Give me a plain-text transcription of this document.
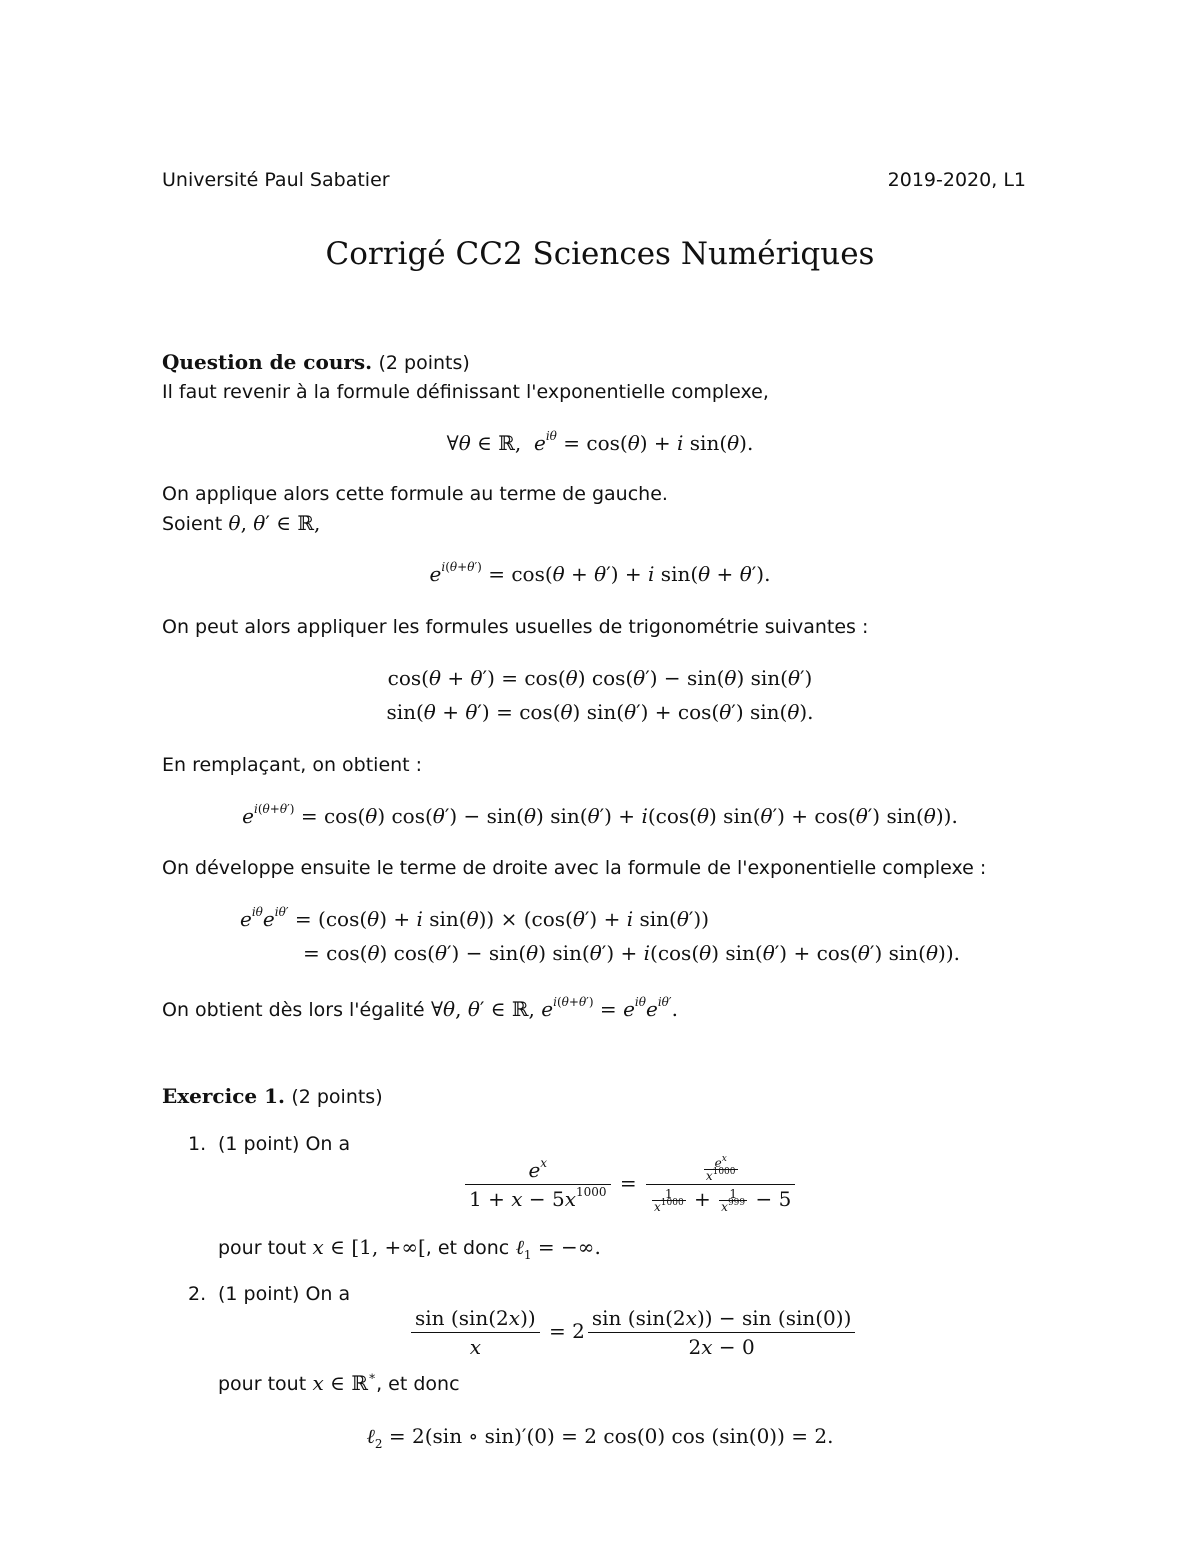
Université Paul Sabatier	2019-2020, L1
Corrigé CC2 Sciences Numériques
Question de cours. (2 points)
Il faut revenir à la formule définissant l'exponentielle complexe,
∀θ ∈ ℝ,  $e^{i\theta} = \cos(\theta) + i$ sin(θ).
On applique alors cette formule au terme de gauche.
Soient θ, θ′ ∈ ℝ,
$e^{i(\theta+\theta')} = \cos(\theta + \theta') + i$ sin(θ + θ′).
On peut alors appliquer les formules usuelles de trigonométrie suivantes :
cos(θ + θ′) = cos(θ) cos(θ′) − sin(θ) sin(θ′)
sin(θ + θ′) = cos(θ) sin(θ′) + cos(θ′) sin(θ).
En remplaçant, on obtient :
$e^{i(\theta+\theta')} = \cos(\theta) \cos(\theta') - \sin(\theta) \sin(\theta') + i(\cos(\theta) \sin(\theta') + \cos(\theta')$ sin(θ)).
On développe ensuite le terme de droite avec la formule de l'exponentielle complexe :
$e^{i\theta}e^{i\theta'} = (\cos(\theta) + i$ sin(θ)) × (cos(θ′) + i sin(θ′))
= cos(θ) cos(θ′) − sin(θ) sin(θ′) + i(cos(θ) sin(θ′) + cos(θ′) sin(θ)).
On obtient dès lors l'égalité ∀θ, θ′ ∈ ℝ, $e^{i(\theta+\theta')} = e^{i\theta}e^{i\theta'}$.
Exercice 1. (2 points)
1. (1 point) On a
$\frac{e^x}{1 + x - 5x^{1000}} = \frac{\frac{e^x}{x^{1000}}}{\frac{1}{x^{1000}} + \frac{1}{x^{999}} - 5}$
pour tout x ∈ [1, +∞[, et donc ℓ$_1$ = −∞.
2. (1 point) On a
$\frac{\sin (\sin(2x))}{x} = 2 \frac{\sin (\sin(2x)) - \sin (\sin(0))}{2x - 0}$
pour tout x ∈ ℝ∗, et donc
ℓ$_2$ = 2(sin ∘ sin)′(0) = 2 cos(0) cos (sin(0)) = 2.
